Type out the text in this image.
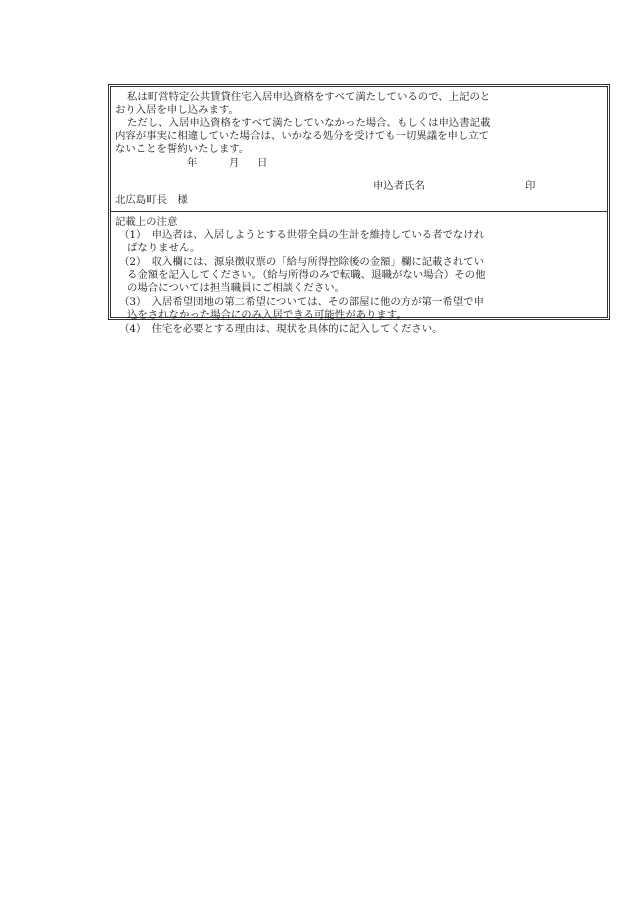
私は町営特定公共賃貸住宅入居申込資格をすべて満たしているので、上記のと
おり入居を申し込みます。
ただし、入居申込資格をすべて満たしていなかった場合、もしくは申込書記載
内容が事実に相違していた場合は、いかなる処分を受けても一切異議を申し立て
ないことを誓約いたします。
年	月 日
申込者氏名	印
北広島町長　様
記載上の注意
（1）　申込者は、入居しようとする世帯全員の生計を維持している者でなけれ
ばなりません。
（2）　収入欄には、源泉徴収票の「給与所得控除後の金額」欄に記載されてい
る金額を記入してください。（給与所得のみで転職、退職がない場合）その他
の場合については担当職員にご相談ください。
（3）　入居希望団地の第二希望については、その部屋に他の方が第一希望で申
込をされなかった場合にのみ入居できる可能性があります。
（4）　住宅を必要とする理由は、現状を具体的に記入してください。
